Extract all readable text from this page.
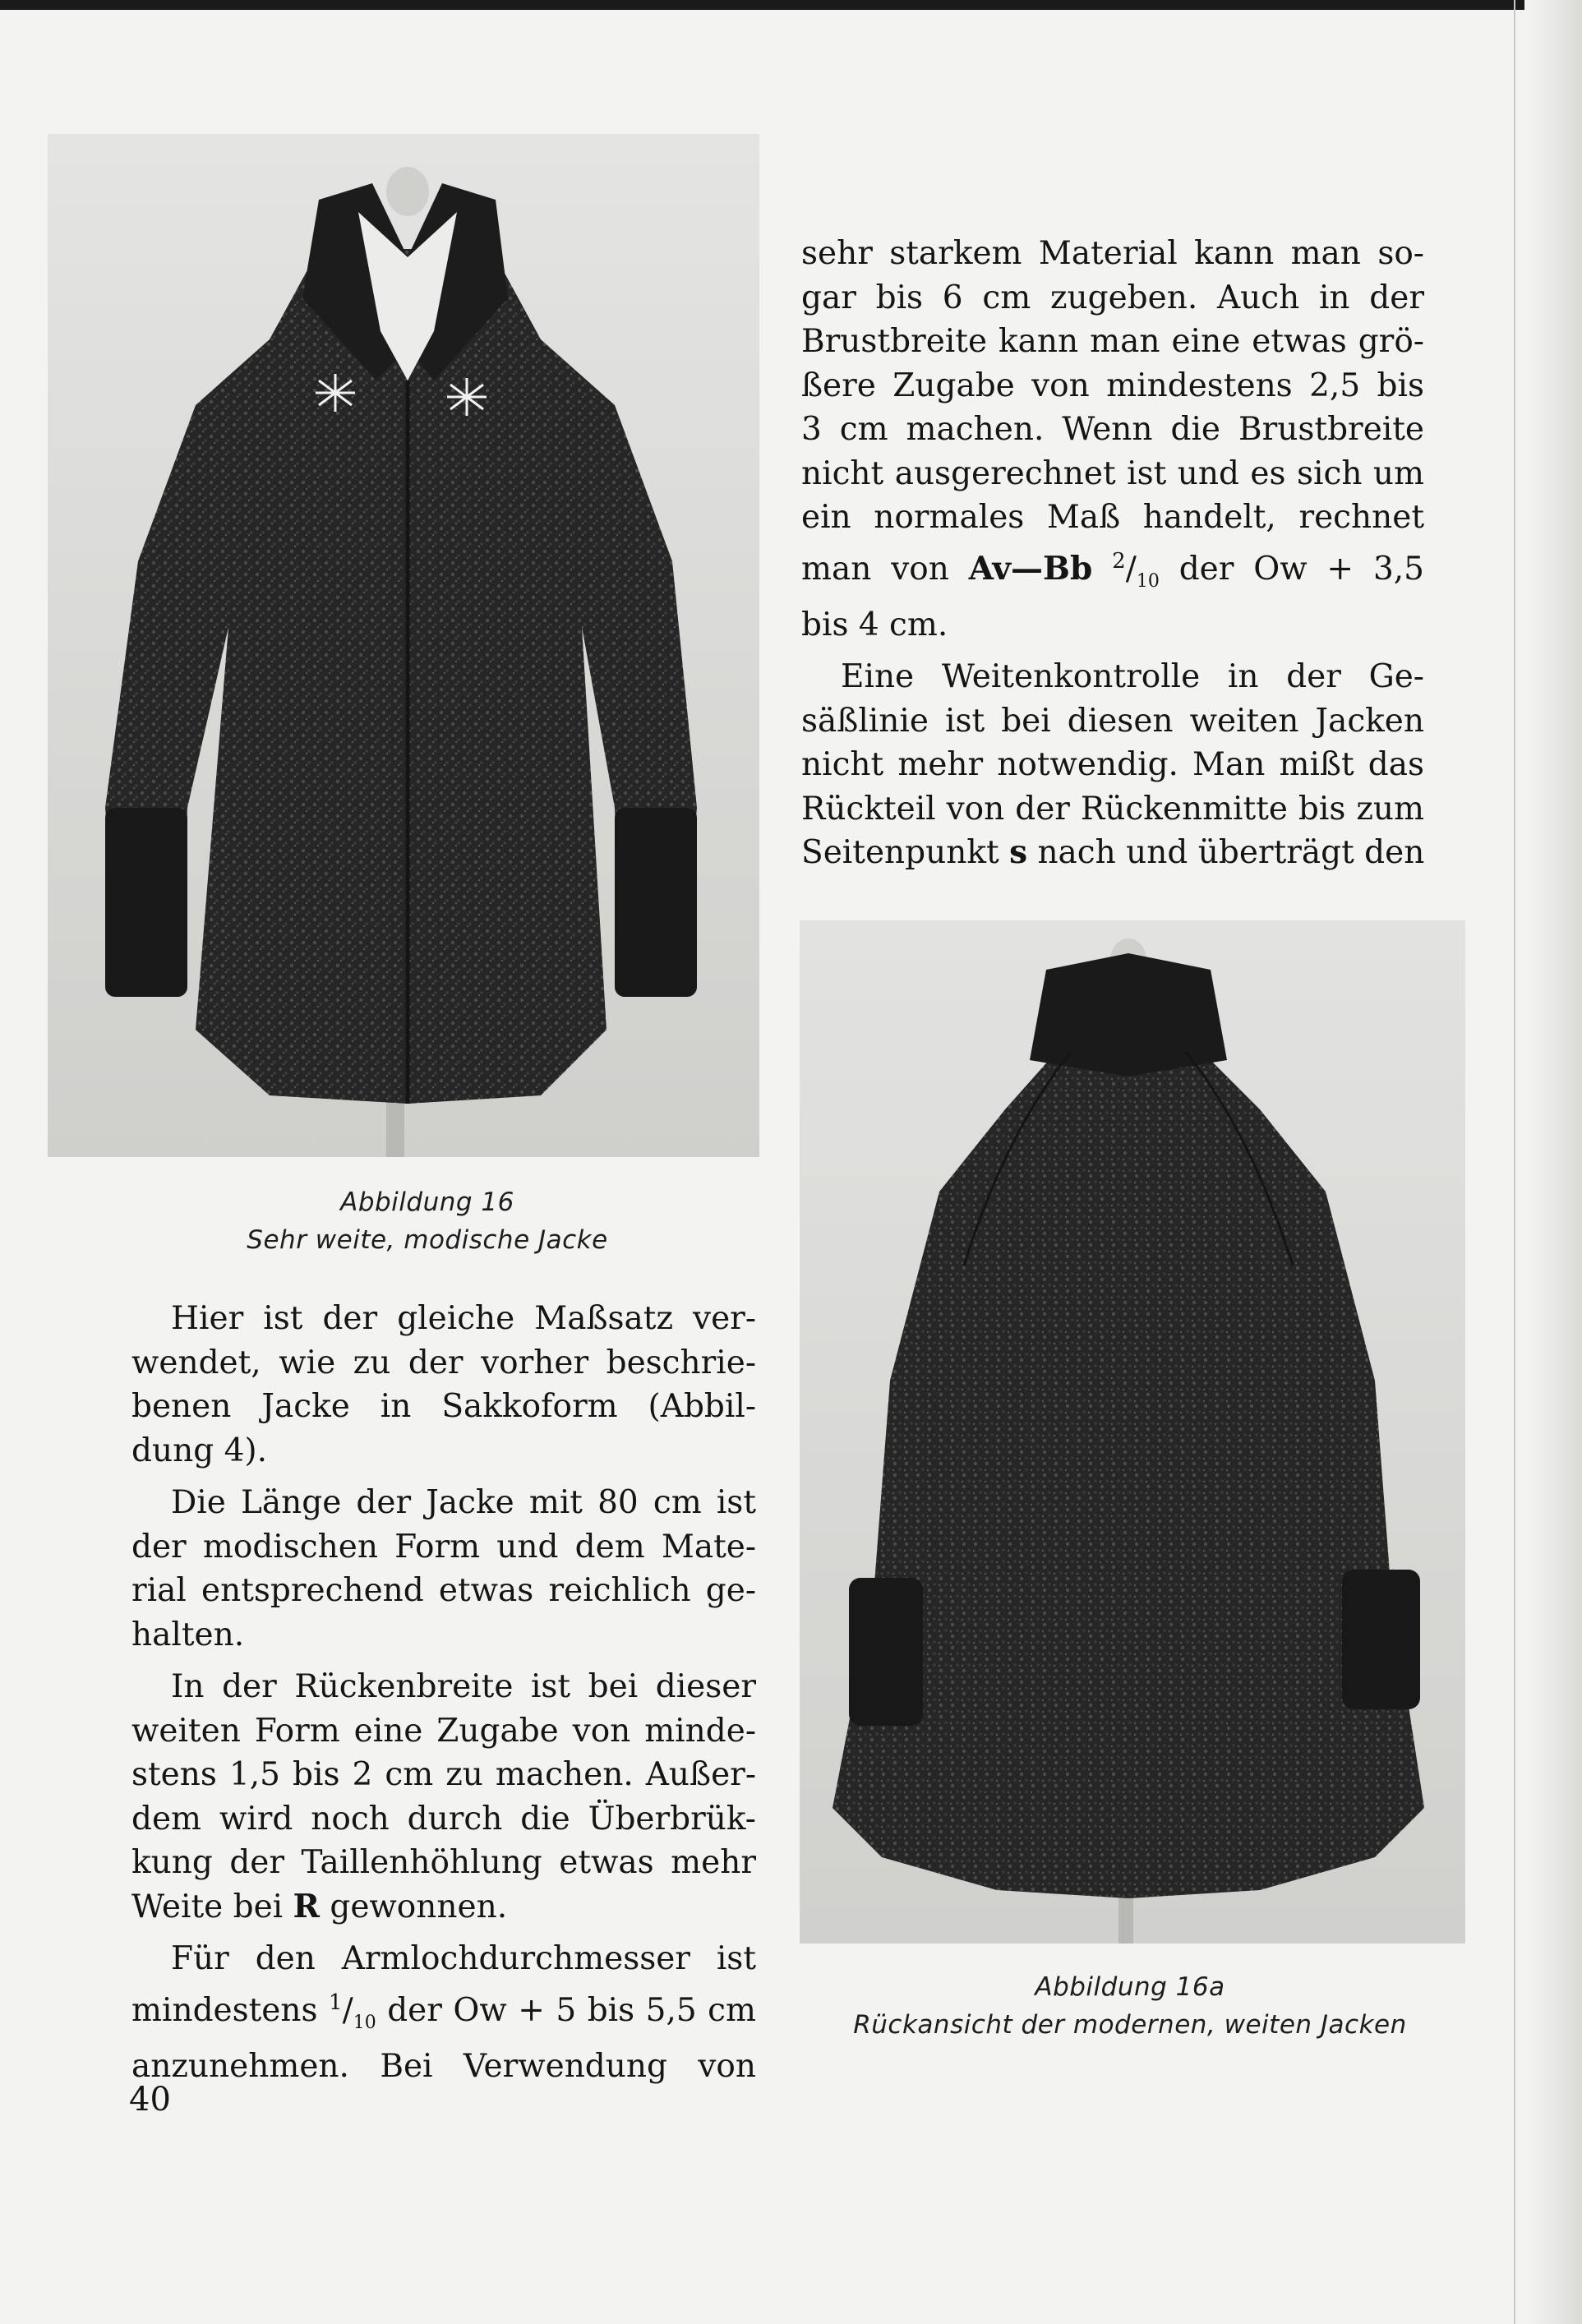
Abbildung 16
Sehr weite, modische Jacke
Abbildung 16a
Rückansicht der modernen, weiten Jacken
sehr starkem Material kann man so-
gar bis 6 cm zugeben. Auch in der
Brustbreite kann man eine etwas grö-
ßere Zugabe von mindestens 2,5 bis
3 cm machen. Wenn die Brustbreite
nicht ausgerechnet ist und es sich um
ein normales Maß handelt, rechnet
man von Av—Bb $^2/_{10}$ der Ow + 3,5
bis 4 cm.
Eine Weitenkontrolle in der Ge-
säßlinie ist bei diesen weiten Jacken
nicht mehr notwendig. Man mißt das
Rückteil von der Rückenmitte bis zum
Seitenpunkt s nach und überträgt den
Hier ist der gleiche Maßsatz ver-
wendet, wie zu der vorher beschrie-
benen Jacke in Sakkoform (Abbil-
dung 4).
Die Länge der Jacke mit 80 cm ist
der modischen Form und dem Mate-
rial entsprechend etwas reichlich ge-
halten.
In der Rückenbreite ist bei dieser
weiten Form eine Zugabe von minde-
stens 1,5 bis 2 cm zu machen. Außer-
dem wird noch durch die Überbrük-
kung der Taillenhöhlung etwas mehr
Weite bei R gewonnen.
Für den Armlochdurchmesser ist
mindestens $^1/_{10}$ der Ow + 5 bis 5,5 cm
anzunehmen. Bei Verwendung von
40
